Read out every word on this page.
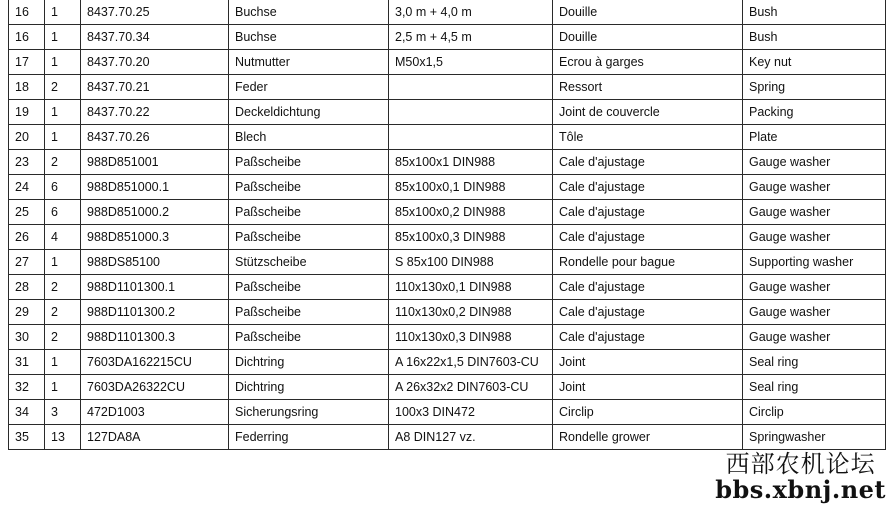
16	1	8437.70.25	Buchse	3,0 m + 4,0 m	Douille	Bush
16	1	8437.70.34	Buchse	2,5 m + 4,5 m	Douille	Bush
17	1	8437.70.20	Nutmutter	M50x1,5	Ecrou à garges	Key nut
18	2	8437.70.21	Feder		Ressort	Spring
19	1	8437.70.22	Deckeldichtung		Joint de couvercle	Packing
20	1	8437.70.26	Blech		Tôle	Plate
23	2	988D851001	Paßscheibe	85x100x1 DIN988	Cale d'ajustage	Gauge washer
24	6	988D851000.1	Paßscheibe	85x100x0,1 DIN988	Cale d'ajustage	Gauge washer
25	6	988D851000.2	Paßscheibe	85x100x0,2 DIN988	Cale d'ajustage	Gauge washer
26	4	988D851000.3	Paßscheibe	85x100x0,3 DIN988	Cale d'ajustage	Gauge washer
27	1	988DS85100	Stützscheibe	S 85x100 DIN988	Rondelle pour bague	Supporting washer
28	2	988D1101300.1	Paßscheibe	110x130x0,1 DIN988	Cale d'ajustage	Gauge washer
29	2	988D1101300.2	Paßscheibe	110x130x0,2 DIN988	Cale d'ajustage	Gauge washer
30	2	988D1101300.3	Paßscheibe	110x130x0,3 DIN988	Cale d'ajustage	Gauge washer
31	1	7603DA162215CU	Dichtring	A 16x22x1,5 DIN7603-CU	Joint	Seal ring
32	1	7603DA26322CU	Dichtring	A 26x32x2 DIN7603-CU	Joint	Seal ring
34	3	472D1003	Sicherungsring	100x3 DIN472	Circlip	Circlip
35	13	127DA8A	Federring	A8 DIN127 vz.	Rondelle grower	Springwasher
西部农机论坛
bbs.xbnj.net
